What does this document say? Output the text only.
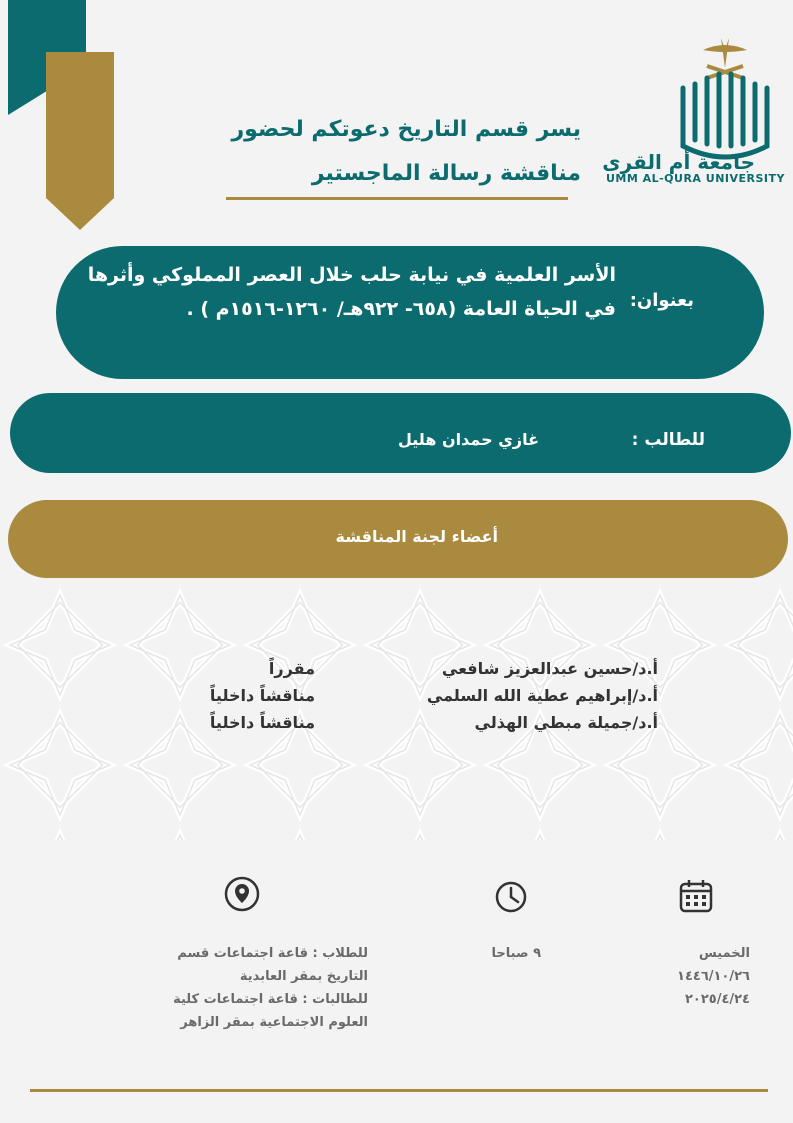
جامعة أم القرى
UMM AL-QURA UNIVERSITY
يسر قسم التاريخ دعوتكم لحضور
مناقشة رسالة الماجستير
بعنوان:
الأسر العلمية في نيابة حلب خلال العصر المملوكي وأثرها في الحياة العامة (٦٥٨- ٩٢٢هـ/ ١٢٦٠-١٥١٦م ) .
للطالب :
غازي حمدان هليل
أعضاء لجنة المناقشة
أ.د/حسين عبدالعزيز شافعي
مقرراً
أ.د/إبراهيم عطية الله السلمي
مناقشاً داخلياً
أ.د/جميلة مبطي الهذلي
مناقشاً داخلياً
الخميس
١٤٤٦/١٠/٢٦
٢٠٢٥/٤/٢٤
٩ صباحا
للطلاب : قاعة اجتماعات قسم التاريخ بمقر العابدية
للطالبات : قاعة اجتماعات كلية العلوم الاجتماعية بمقر الزاهر
